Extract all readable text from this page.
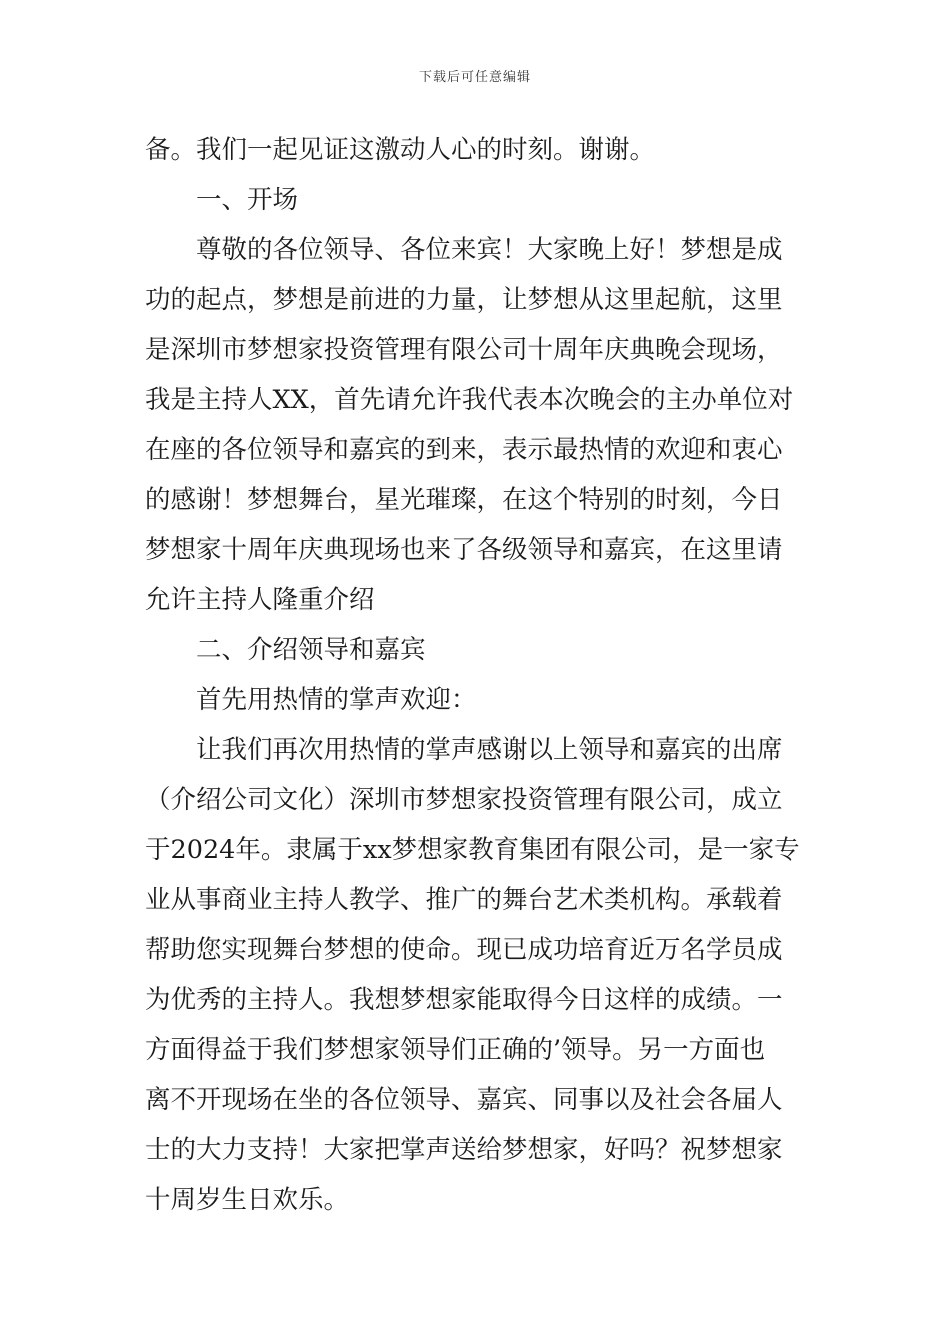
下载后可任意编辑
备。我们一起见证这激动人心的时刻。谢谢。
一、开场
尊敬的各位领导、各位来宾！大家晚上好！梦想是成
功的起点，梦想是前进的力量，让梦想从这里起航，这里
是深圳市梦想家投资管理有限公司十周年庆典晚会现场，
我是主持人XX，首先请允许我代表本次晚会的主办单位对
在座的各位领导和嘉宾的到来，表示最热情的欢迎和衷心
的感谢！梦想舞台，星光璀璨，在这个特别的时刻，今日
梦想家十周年庆典现场也来了各级领导和嘉宾，在这里请
允许主持人隆重介绍
二、介绍领导和嘉宾
首先用热情的掌声欢迎：
让我们再次用热情的掌声感谢以上领导和嘉宾的出席
（介绍公司文化）深圳市梦想家投资管理有限公司，成立
于2024年。隶属于xx梦想家教育集团有限公司，是一家专
业从事商业主持人教学、推广的舞台艺术类机构。承载着
帮助您实现舞台梦想的使命。现已成功培育近万名学员成
为优秀的主持人。我想梦想家能取得今日这样的成绩。一
方面得益于我们梦想家领导们正确的’领导。另一方面也
离不开现场在坐的各位领导、嘉宾、同事以及社会各届人
士的大力支持！大家把掌声送给梦想家，好吗？祝梦想家
十周岁生日欢乐。
